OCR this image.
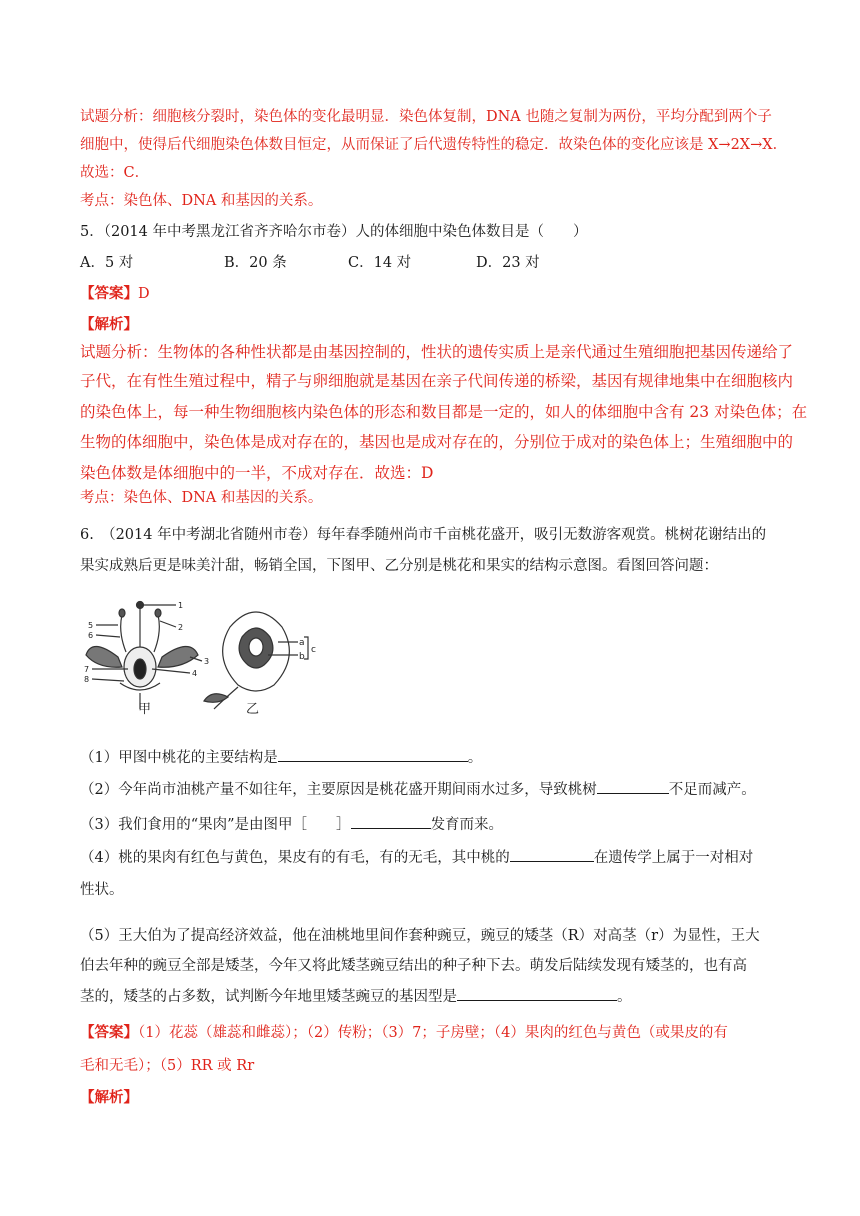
试题分析：细胞核分裂时，染色体的变化最明显．染色体复制，DNA 也随之复制为两份，平均分配到两个子
细胞中，使得后代细胞染色体数目恒定，从而保证了后代遗传特性的稳定．故染色体的变化应该是 X→2X→X．
故选：C．
考点：染色体、DNA 和基因的关系。
5．（2014 年中考黑龙江省齐齐哈尔市卷）人的体细胞中染色体数目是（　　）
A．5 对	B．20 条	C．14 对	D．23 对
【答案】D
【解析】
试题分析：生物体的各种性状都是由基因控制的，性状的遗传实质上是亲代通过生殖细胞把基因传递给了
子代，在有性生殖过程中，精子与卵细胞就是基因在亲子代间传递的桥梁，基因有规律地集中在细胞核内
的染色体上，每一种生物细胞核内染色体的形态和数目都是一定的，如人的体细胞中含有 23 对染色体；在
生物的体细胞中，染色体是成对存在的，基因也是成对存在的，分别位于成对的染色体上；生殖细胞中的
染色体数是体细胞中的一半，不成对存在．故选：D
考点：染色体、DNA 和基因的关系。
6.　（2014 年中考湖北省随州市卷）每年春季随州尚市千亩桃花盛开，吸引无数游客观赏。桃树花谢结出的
果实成熟后更是味美汁甜，畅销全国，下图甲、乙分别是桃花和果实的结构示意图。看图回答问题：
1
2
3
4
5
6
7
8
a
b
c
甲	乙
（1）甲图中桃花的主要结构是	。
（2）今年尚市油桃产量不如往年，主要原因是桃花盛开期间雨水过多，导致桃树	不足而减产。
（3）我们食用的“果肉”是由图甲［　　］	发育而来。
（4）桃的果肉有红色与黄色，果皮有的有毛，有的无毛，其中桃的	在遗传学上属于一对相对
性状。
（5）王大伯为了提高经济效益，他在油桃地里间作套种豌豆，豌豆的矮茎（R）对高茎（r）为显性，王大
伯去年种的豌豆全部是矮茎，今年又将此矮茎豌豆结出的种子种下去。萌发后陆续发现有矮茎的，也有高
茎的，矮茎的占多数，试判断今年地里矮茎豌豆的基因型是	。
【答案】（1）花蕊（雄蕊和雌蕊）；（2）传粉；（3）7；子房壁；（4）果肉的红色与黄色（或果皮的有
毛和无毛）；（5）RR 或 Rr
【解析】
